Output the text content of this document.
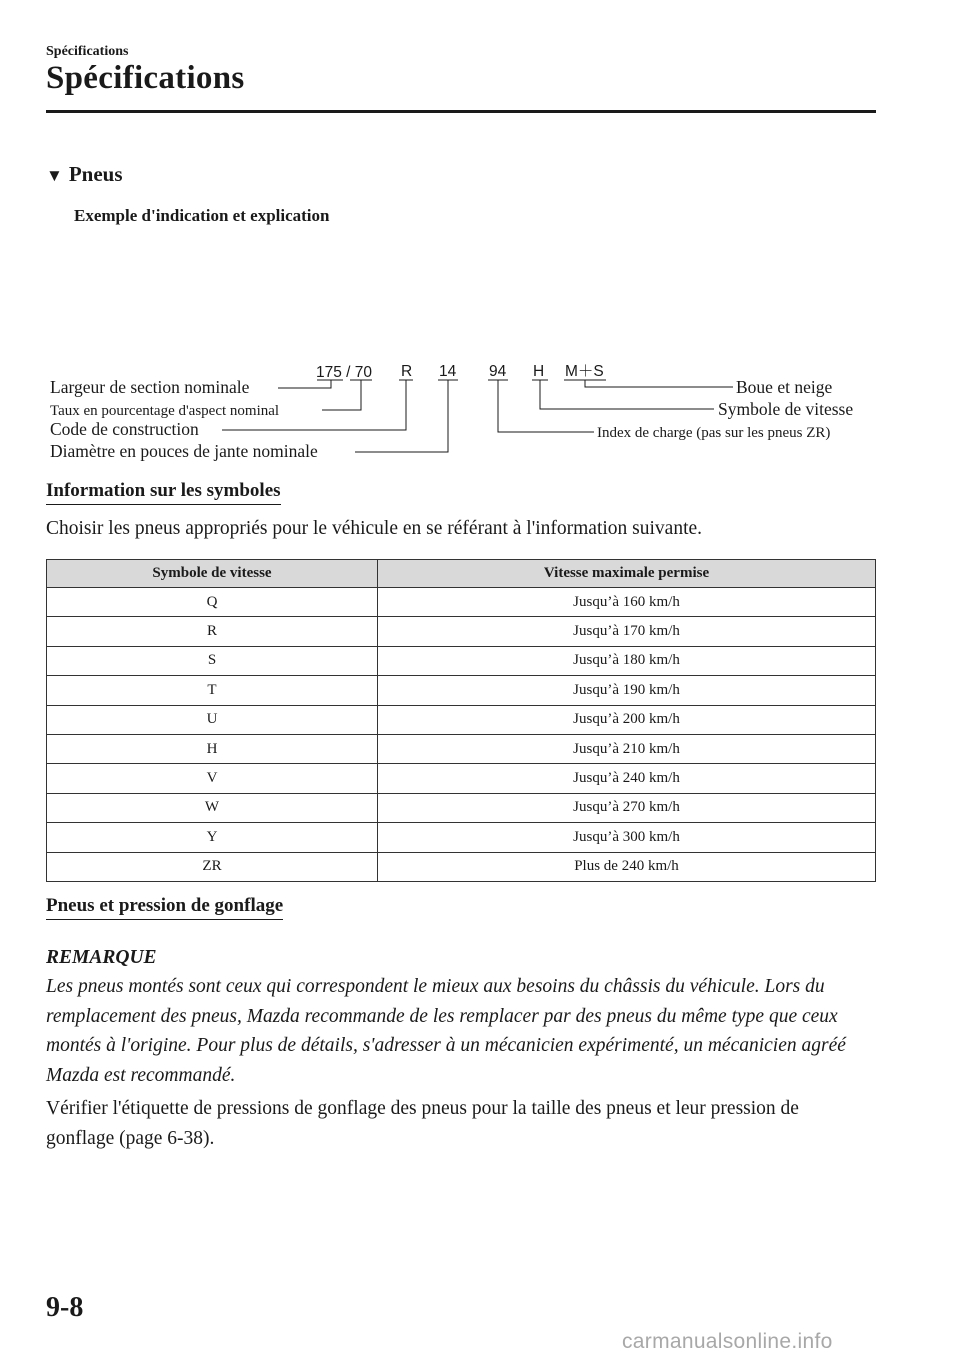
Spécifications
Spécifications
▼ Pneus
Exemple d'indication et explication
175 / 70 R 14 94 H M＋S
Largeur de section nominale
Taux en pourcentage d'aspect nominal
Code de construction
Diamètre en pouces de jante nominale
Boue et neige
Symbole de vitesse
Index de charge (pas sur les pneus ZR)
Information sur les symboles
Choisir les pneus appropriés pour le véhicule en se référant à l'information suivante.
Symbole de vitesse	Vitesse maximale permise
Q	Jusqu’à 160 km/h
R	Jusqu’à 170 km/h
S	Jusqu’à 180 km/h
T	Jusqu’à 190 km/h
U	Jusqu’à 200 km/h
H	Jusqu’à 210 km/h
V	Jusqu’à 240 km/h
W	Jusqu’à 270 km/h
Y	Jusqu’à 300 km/h
ZR	Plus de 240 km/h
Pneus et pression de gonflage
REMARQUE
Les pneus montés sont ceux qui correspondent le mieux aux besoins du châssis du véhicule. Lors du remplacement des pneus, Mazda recommande de les remplacer par des pneus du même type que ceux montés à l'origine. Pour plus de détails, s'adresser à un mécanicien expérimenté, un mécanicien agréé Mazda est recommandé.
Vérifier l'étiquette de pressions de gonflage des pneus pour la taille des pneus et leur pression de gonflage (page 6-38).
9-8
carmanualsonline.info
